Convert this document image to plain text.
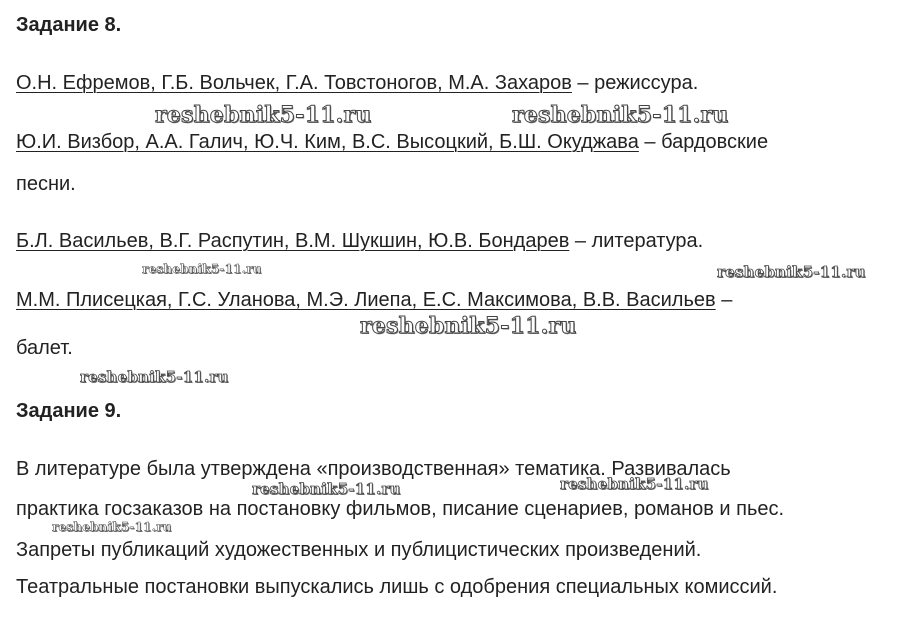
Задание 8.
О.Н. Ефремов, Г.Б. Вольчек, Г.А. Товстоногов, М.А. Захаров – режиссура.
Ю.И. Визбор, А.А. Галич, Ю.Ч. Ким, В.С. Высоцкий, Б.Ш. Окуджава – бардовские
песни.
Б.Л. Васильев, В.Г. Распутин, В.М. Шукшин, Ю.В. Бондарев – литература.
М.М. Плисецкая, Г.С. Уланова, М.Э. Лиепа, Е.С. Максимова, В.В. Васильев –
балет.
Задание 9.
В литературе была утверждена «производственная» тематика. Развивалась
практика госзаказов на постановку фильмов, писание сценариев, романов и пьес.
Запреты публикаций художественных и публицистических произведений.
Театральные постановки выпускались лишь с одобрения специальных комиссий.
reshebnik5-11.ru	reshebnik5-11.ru
reshebnik5-11.ru	reshebnik5-11.ru
reshebnik5-11.ru
reshebnik5-11.ru
reshebnik5-11.ru	reshebnik5-11.ru
reshebnik5-11.ru
